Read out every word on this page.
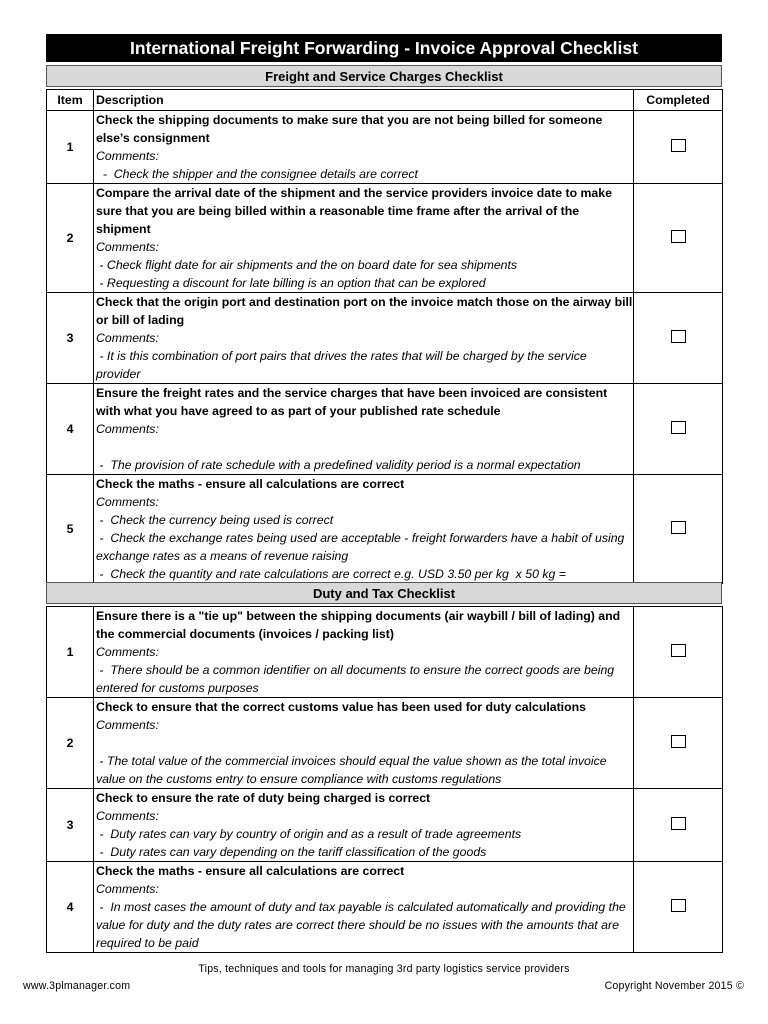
International Freight Forwarding - Invoice Approval Checklist
Freight and Service Charges Checklist
Item	Description	Completed
1	Check the shipping documents to make sure that you are not being billed for someone else’s consignment
Comments:
-  Check the shipper and the consignee details are correct	

2	Compare the arrival date of the shipment and the service providers invoice date to make sure that you are being billed within a reasonable time frame after the arrival of the shipment
Comments:
- Check flight date for air shipments and the on board date for sea shipments
- Requesting a discount for late billing is an option that can be explored	

3	Check that the origin port and destination port on the invoice match those on the airway bill or bill of lading
Comments:
- It is this combination of port pairs that drives the rates that will be charged by the service provider	

4	Ensure the freight rates and the service charges that have been invoiced are consistent with what you have agreed to as part of your published rate schedule
Comments:
-  The provision of rate schedule with a predefined validity period is a normal expectation	

5	Check the maths - ensure all calculations are correct
Comments:
-  Check the currency being used is correct
-  Check the exchange rates being used are acceptable - freight forwarders have a habit of using exchange rates as a means of revenue raising
-  Check the quantity and rate calculations are correct e.g. USD 3.50 per kg  x 50 kg =	

Duty and Tax Checklist
1	Ensure there is a "tie up" between the shipping documents (air waybill / bill of lading) and the commercial documents (invoices / packing list)
Comments:
-  There should be a common identifier on all documents to ensure the correct goods are being entered for customs purposes	

2	Check to ensure that the correct customs value has been used for duty calculations
Comments:
- The total value of the commercial invoices should equal the value shown as the total invoice value on the customs entry to ensure compliance with customs regulations	

3	Check to ensure the rate of duty being charged is correct
Comments:
-  Duty rates can vary by country of origin and as a result of trade agreements
-  Duty rates can vary depending on the tariff classification of the goods	

4	Check the maths - ensure all calculations are correct
Comments:
-  In most cases the amount of duty and tax payable is calculated automatically and providing the value for duty and the duty rates are correct there should be no issues with the amounts that are required to be paid	

Tips, techniques and tools for managing 3rd party logistics service providers
www.3plmanager.com	Copyright November 2015 ©
